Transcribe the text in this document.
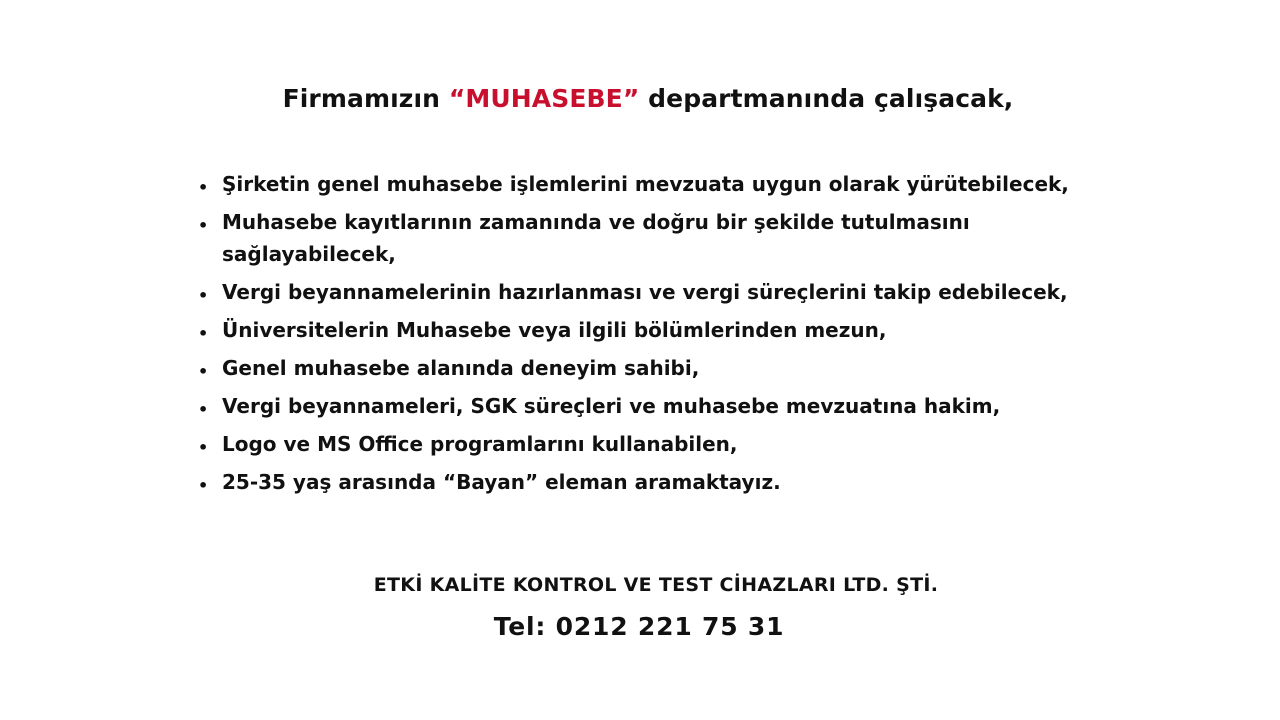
Firmamızın “MUHASEBE” departmanında çalışacak,
• Şirketin genel muhasebe işlemlerini mevzuata uygun olarak yürütebilecek,
• Muhasebe kayıtlarının zamanında ve doğru bir şekilde tutulmasını sağlayabilecek,
• Vergi beyannamelerinin hazırlanması ve vergi süreçlerini takip edebilecek,
• Üniversitelerin Muhasebe veya ilgili bölümlerinden mezun,
• Genel muhasebe alanında deneyim sahibi,
• Vergi beyannameleri, SGK süreçleri ve muhasebe mevzuatına hakim,
• Logo ve MS Office programlarını kullanabilen,
• 25-35 yaş arasında “Bayan” eleman aramaktayız.
ETKİ KALİTE KONTROL VE TEST CİHAZLARI LTD. ŞTİ.
Tel: 0212 221 75 31
